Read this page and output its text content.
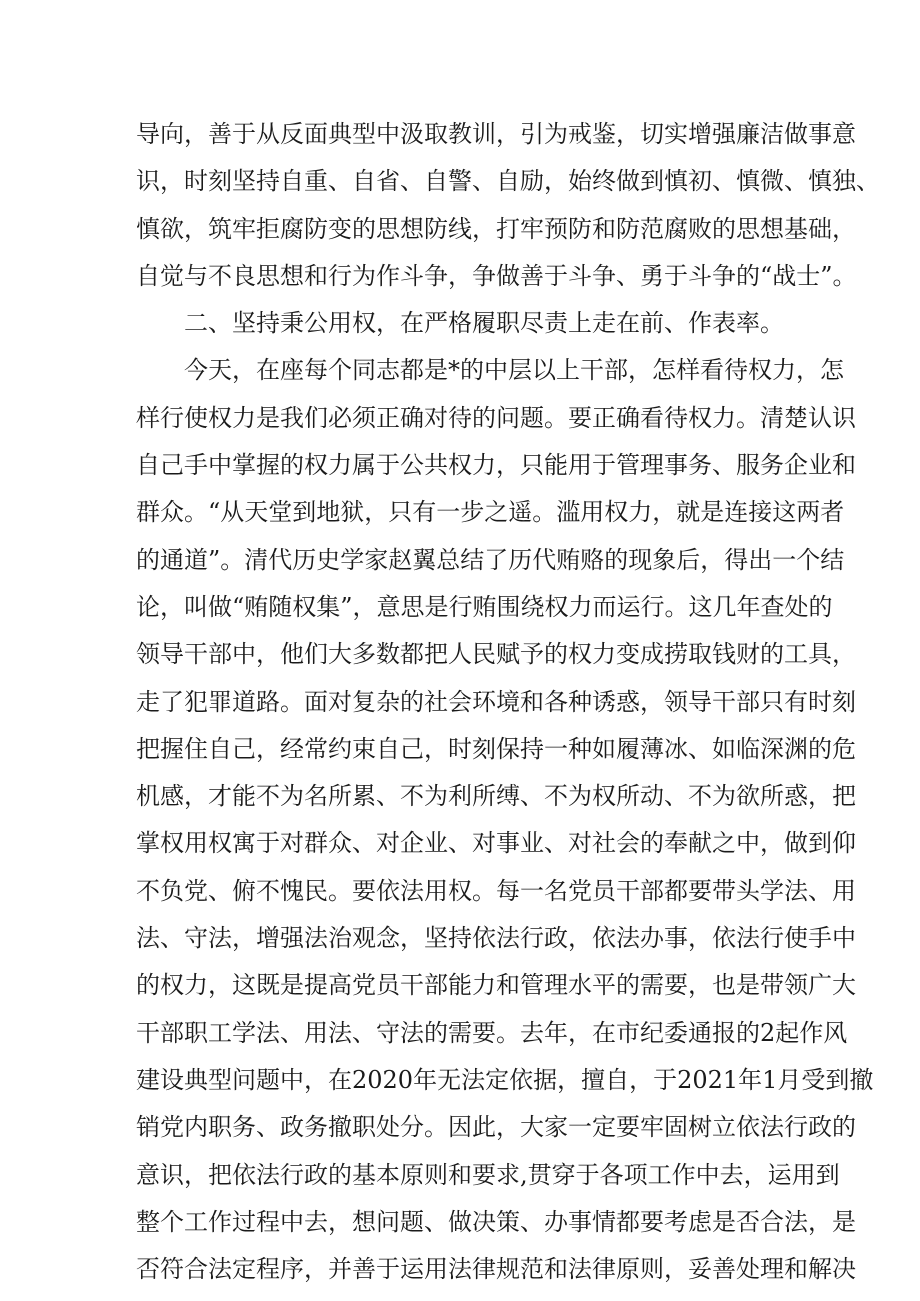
导向，善于从反面典型中汲取教训，引为戒鉴，切实增强廉洁做事意
识，时刻坚持自重、自省、自警、自励，始终做到慎初、慎微、慎独、
慎欲，筑牢拒腐防变的思想防线，打牢预防和防范腐败的思想基础，
自觉与不良思想和行为作斗争，争做善于斗争、勇于斗争的“战士”。
二、坚持秉公用权，在严格履职尽责上走在前、作表率。
今天，在座每个同志都是*的中层以上干部，怎样看待权力，怎
样行使权力是我们必须正确对待的问题。要正确看待权力。清楚认识
自己手中掌握的权力属于公共权力，只能用于管理事务、服务企业和
群众。“从天堂到地狱，只有一步之遥。滥用权力，就是连接这两者
的通道”。清代历史学家赵翼总结了历代贿赂的现象后，得出一个结
论，叫做“贿随权集”，意思是行贿围绕权力而运行。这几年查处的
领导干部中，他们大多数都把人民赋予的权力变成捞取钱财的工具，
走了犯罪道路。面对复杂的社会环境和各种诱惑，领导干部只有时刻
把握住自己，经常约束自己，时刻保持一种如履薄冰、如临深渊的危
机感，才能不为名所累、不为利所缚、不为权所动、不为欲所惑，把
掌权用权寓于对群众、对企业、对事业、对社会的奉献之中，做到仰
不负党、俯不愧民。要依法用权。每一名党员干部都要带头学法、用
法、守法，增强法治观念，坚持依法行政，依法办事，依法行使手中
的权力，这既是提高党员干部能力和管理水平的需要，也是带领广大
干部职工学法、用法、守法的需要。去年，在市纪委通报的2起作风
建设典型问题中，在2020年无法定依据，擅自，于2021年1月受到撤
销党内职务、政务撤职处分。因此，大家一定要牢固树立依法行政的
意识，把依法行政的基本原则和要求,贯穿于各项工作中去，运用到
整个工作过程中去，想问题、做决策、办事情都要考虑是否合法，是
否符合法定程序，并善于运用法律规范和法律原则，妥善处理和解决
